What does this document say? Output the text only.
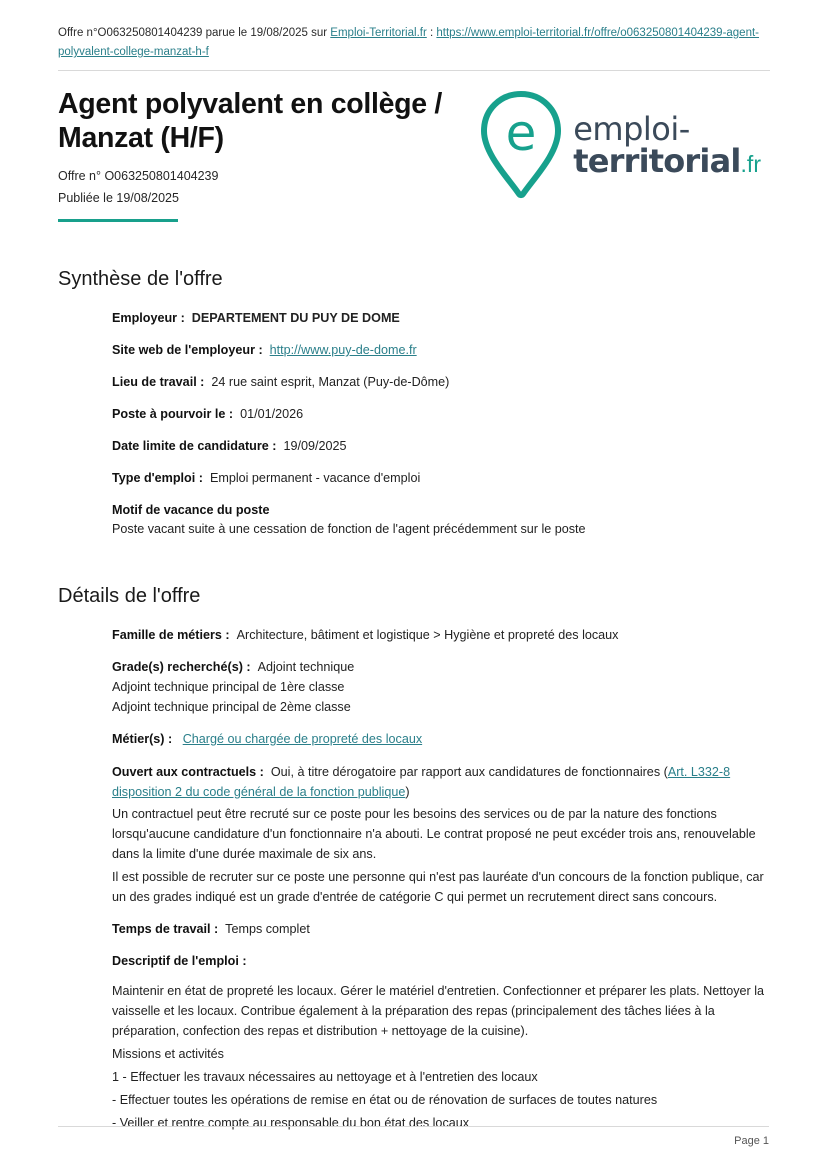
Offre n°O063250801404239 parue le 19/08/2025 sur Emploi-Territorial.fr : https://www.emploi-territorial.fr/offre/o063250801404239-agent-polyvalent-college-manzat-h-f
Agent polyvalent en collège / Manzat (H/F)
Offre n° O063250801404239
Publiée le 19/08/2025
e emploi-
territorial.fr
Synthèse de l'offre
Employeur : DEPARTEMENT DU PUY DE DOME
Site web de l'employeur : http://www.puy-de-dome.fr
Lieu de travail : 24 rue saint esprit, Manzat (Puy-de-Dôme)
Poste à pourvoir le : 01/01/2026
Date limite de candidature : 19/09/2025
Type d'emploi : Emploi permanent - vacance d'emploi
Motif de vacance du poste
Poste vacant suite à une cessation de fonction de l'agent précédemment sur le poste
Détails de l'offre
Famille de métiers : Architecture, bâtiment et logistique > Hygiène et propreté des locaux
Grade(s) recherché(s) : Adjoint technique
Adjoint technique principal de 1ère classe
Adjoint technique principal de 2ème classe
Métier(s) : Chargé ou chargée de propreté des locaux
Ouvert aux contractuels : Oui, à titre dérogatoire par rapport aux candidatures de fonctionnaires (Art. L332-8 disposition 2 du code général de la fonction publique)
Un contractuel peut être recruté sur ce poste pour les besoins des services ou de par la nature des fonctions lorsqu'aucune candidature d'un fonctionnaire n'a abouti. Le contrat proposé ne peut excéder trois ans, renouvelable dans la limite d'une durée maximale de six ans.
Il est possible de recruter sur ce poste une personne qui n'est pas lauréate d'un concours de la fonction publique, car un des grades indiqué est un grade d'entrée de catégorie C qui permet un recrutement direct sans concours.
Temps de travail : Temps complet
Descriptif de l'emploi :
Maintenir en état de propreté les locaux. Gérer le matériel d'entretien. Confectionner et préparer les plats. Nettoyer la vaisselle et les locaux. Contribue également à la préparation des repas (principalement des tâches liées à la préparation, confection des repas et distribution + nettoyage de la cuisine).
Missions et activités
1 - Effectuer les travaux nécessaires au nettoyage et à l'entretien des locaux
- Effectuer toutes les opérations de remise en état ou de rénovation de surfaces de toutes natures
- Veiller et rentre compte au responsable du bon état des locaux
Page 1
